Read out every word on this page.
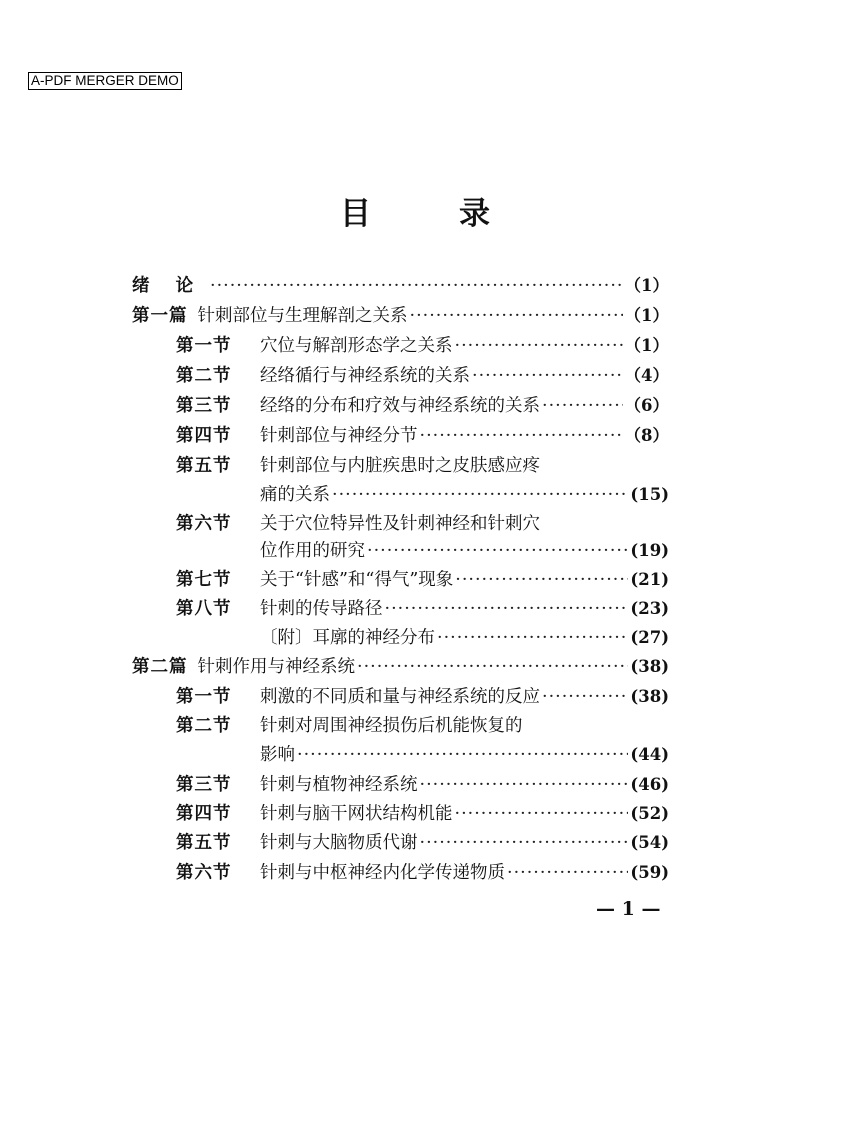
A-PDF MERGER DEMO
目	录
绪 论 ·····	（1）
第一篇 针刺部位与生理解剖之关系 ·····	（1）
第一节	穴位与解剖形态学之关系 ·····	（1）
第二节	经络循行与神经系统的关系 ·····	（4）
第三节	经络的分布和疗效与神经系统的关系 ·····	（6）
第四节	针刺部位与神经分节 ·····	（8）
第五节	针刺部位与内脏疾患时之皮肤感应疼
痛的关系 ·····	(15)
第六节	关于穴位特异性及针刺神经和针刺穴
位作用的研究 ·····	(19)
第七节	关于“针感”和“得气”现象 ·····	(21)
第八节	针刺的传导路径 ·····	(23)
〔附〕耳廓的神经分布 ·····	(27)
第二篇 针刺作用与神经系统 ·····	(38)
第一节	刺激的不同质和量与神经系统的反应 ·····	(38)
第二节	针刺对周围神经损伤后机能恢复的
影响 ·····	(44)
第三节	针刺与植物神经系统 ·····	(46)
第四节	针刺与脑干网状结构机能 ·····	(52)
第五节	针刺与大脑物质代谢 ·····	(54)
第六节	针刺与中枢神经内化学传递物质 ·····	(59)
— 1 —
